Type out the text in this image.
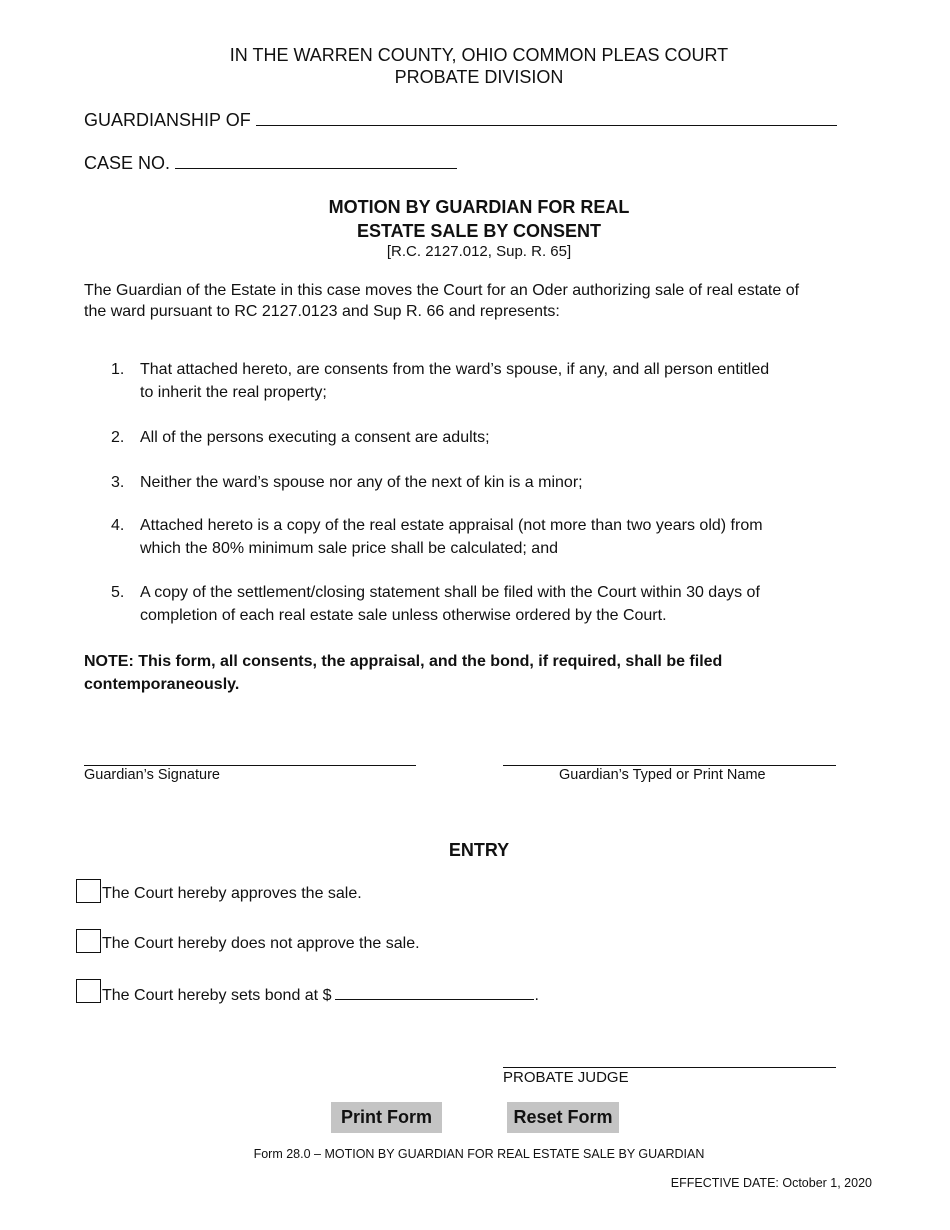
IN THE WARREN COUNTY, OHIO COMMON PLEAS COURT
PROBATE DIVISION
GUARDIANSHIP OF
CASE NO.
MOTION BY GUARDIAN FOR REAL
ESTATE SALE BY CONSENT
[R.C. 2127.012, Sup. R. 65]
The Guardian of the Estate in this case moves the Court for an Oder authorizing sale of real estate of the ward pursuant to RC 2127.0123 and Sup R. 66 and represents:
1. That attached hereto, are consents from the ward’s spouse, if any, and all person entitled
to inherit the real property;
2. All of the persons executing a consent are adults;
3. Neither the ward’s spouse nor any of the next of kin is a minor;
4. Attached hereto is a copy of the real estate appraisal (not more than two years old) from
which the 80% minimum sale price shall be calculated; and
5. A copy of the settlement/closing statement shall be filed with the Court within 30 days of
completion of each real estate sale unless otherwise ordered by the Court.
NOTE: This form, all consents, the appraisal, and the bond, if required, shall be filed
contemporaneously.
Guardian’s Signature	Guardian’s Typed or Print Name
ENTRY
The Court hereby approves the sale.
The Court hereby does not approve the sale.
The Court hereby sets bond at $	.
PROBATE JUDGE
Print Form	Reset Form
Form 28.0 – MOTION BY GUARDIAN FOR REAL ESTATE SALE BY GUARDIAN
EFFECTIVE DATE: October 1, 2020
